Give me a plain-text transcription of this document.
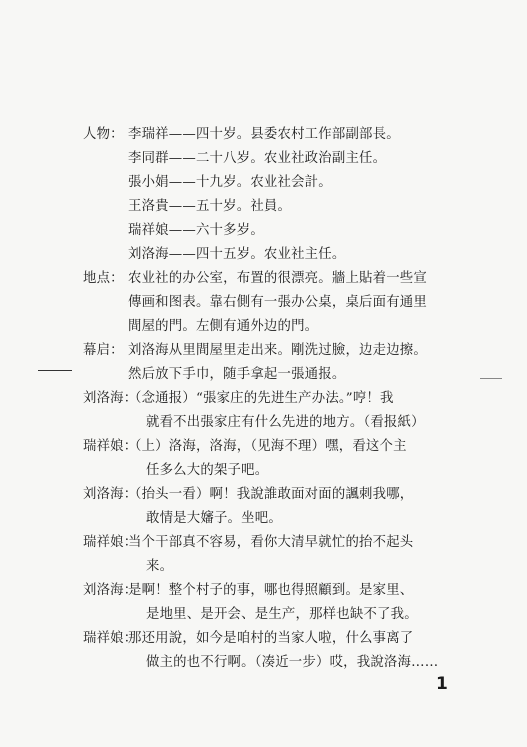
人物： 李瑞祥——四十岁。县委农村工作部副部長。
李同群——二十八岁。农业社政治副主任。
張小娟——十九岁。农业社会計。
王洛貴——五十岁。社員。
瑞祥娘——六十多岁。
刘洛海——四十五岁。农业社主任。
地点： 农业社的办公室，布置的很漂亮。牆上貼着一些宣
傳画和图表。靠右側有一張办公桌，桌后面有通里
間屋的門。左側有通外边的門。
幕启： 刘洛海从里間屋里走出来。剛洗过臉，边走边擦。
然后放下手巾，随手拿起一張通报。
刘洛海：
（念通报）“張家庄的先进生产办法。”哼！我
就看不出張家庄有什么先进的地方。（看报紙）
瑞祥娘：
（上）洛海，洛海，（见海不理）嘿，看这个主
任多么大的架子吧。
刘洛海：
（抬头一看）啊！我說誰敢面对面的諷刺我哪，
敢情是大嬸子。坐吧。
瑞祥娘：
当个干部真不容易，看你大清早就忙的抬不起头
来。
刘洛海：
是啊！整个村子的事，哪也得照顧到。是家里、
是地里、是开会、是生产，那样也缺不了我。
瑞祥娘：
那还用說，如今是咱村的当家人啦，什么事离了
做主的也不行啊。（凑近一步）哎，我說洛海……
1
